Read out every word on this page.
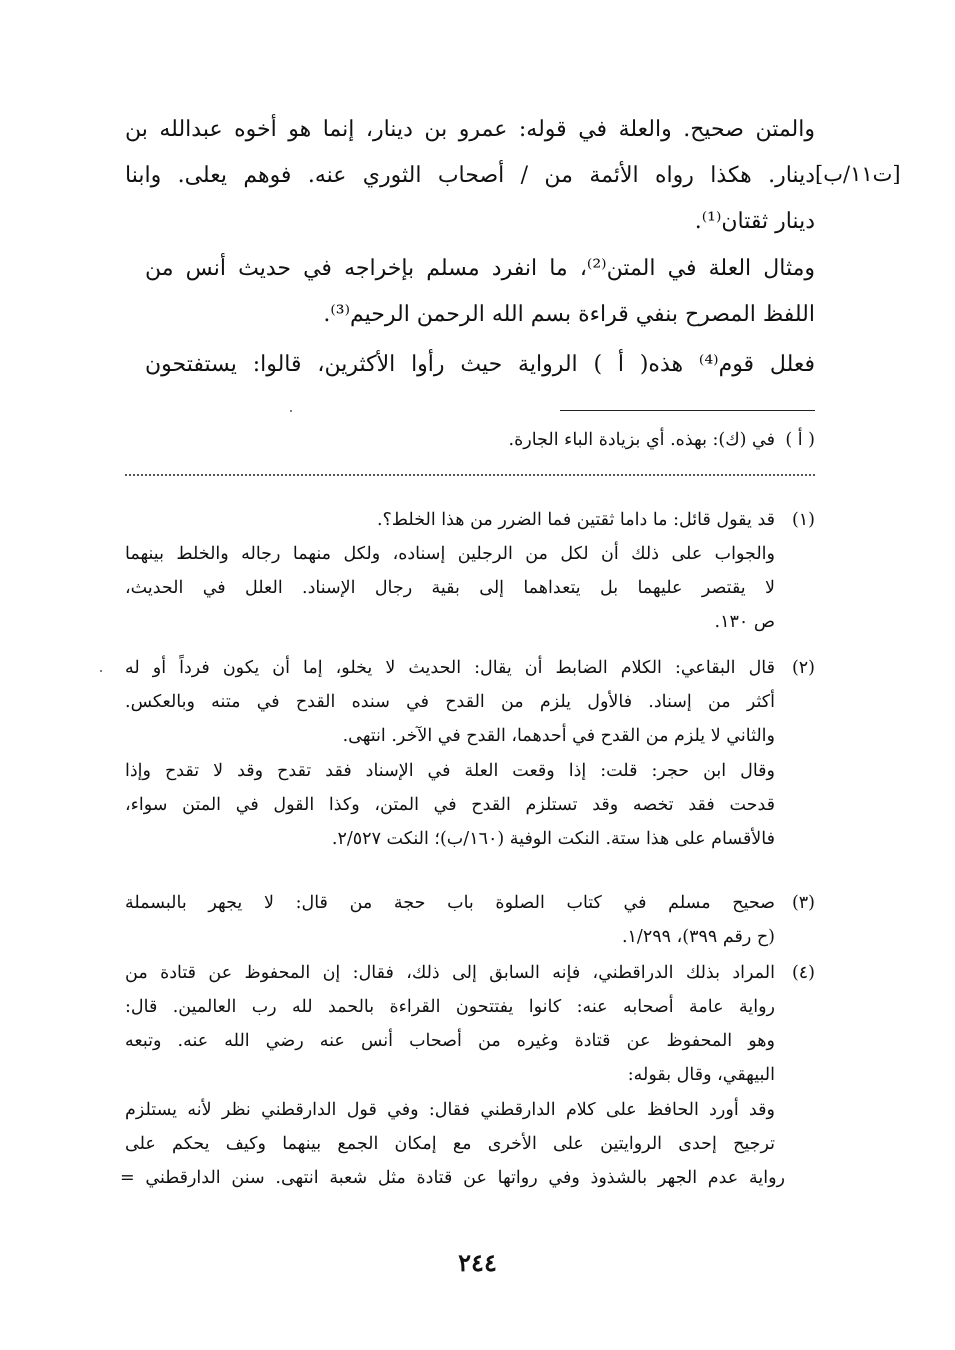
والمتن صحيح. والعلة في قوله: عمرو بن دينار، إنما هو أخوه عبدالله بن
دينار. هكذا رواه الأئمة من / أصحاب الثوري عنه. فوهم يعلى. وابنا
دينار ثقتان⁽¹⁾.
ومثال العلة في المتن⁽²⁾، ما انفرد مسلم بإخراجه في حديث أنس من
اللفظ المصرح بنفي قراءة بسم الله الرحمن الرحيم⁽³⁾.
فعلل قوم⁽⁴⁾ هذه( أ ) الرواية حيث رأوا الأكثرين، قالوا: يستفتحون
[ت١١/ب]
( أ )
في (ك): بهذه. أي بزيادة الباء الجارة.
(١)
قد يقول قائل: ما داما ثقتين فما الضرر من هذا الخلط؟.
والجواب على ذلك أن لكل من الرجلين إسناده، ولكل منهما رجاله والخلط بينهما
لا يقتصر عليهما بل يتعداهما إلى بقية رجال الإسناد. العلل في الحديث،
ص ١٣٠.
(٢)
قال البقاعي: الكلام الضابط أن يقال: الحديث لا يخلو، إما أن يكون فرداً أو له
أكثر من إسناد. فالأول يلزم من القدح في سنده القدح في متنه وبالعكس.
والثاني لا يلزم من القدح في أحدهما، القدح في الآخر. انتهى.
وقال ابن حجر: قلت: إذا وقعت العلة في الإسناد فقد تقدح وقد لا تقدح وإذا
قدحت فقد تخصه وقد تستلزم القدح في المتن، وكذا القول في المتن سواء،
فالأقسام على هذا ستة. النكت الوفية (١٦٠/ب)؛ النكت ٢/٥٢٧.
(٣)
صحيح مسلم في كتاب الصلوة باب حجة من قال: لا يجهر بالبسملة
(ح رقم ٣٩٩)، ١/٢٩٩.
(٤)
المراد بذلك الدراقطني، فإنه السابق إلى ذلك، فقال: إن المحفوظ عن قتادة من
رواية عامة أصحابه عنه: كانوا يفتتحون القراءة بالحمد لله رب العالمين. قال:
وهو المحفوظ عن قتادة وغيره من أصحاب أنس عنه رضي الله عنه. وتبعه
البيهقي، وقال بقوله:
وقد أورد الحافظ على كلام الدارقطني فقال: وفي قول الدارقطني نظر لأنه يستلزم
ترجيح إحدى الروايتين على الأخرى مع إمكان الجمع بينهما وكيف يحكم على
رواية عدم الجهر بالشذوذ وفي رواتها عن قتادة مثل شعبة انتهى. سنن الدارقطني =
٢٤٤
